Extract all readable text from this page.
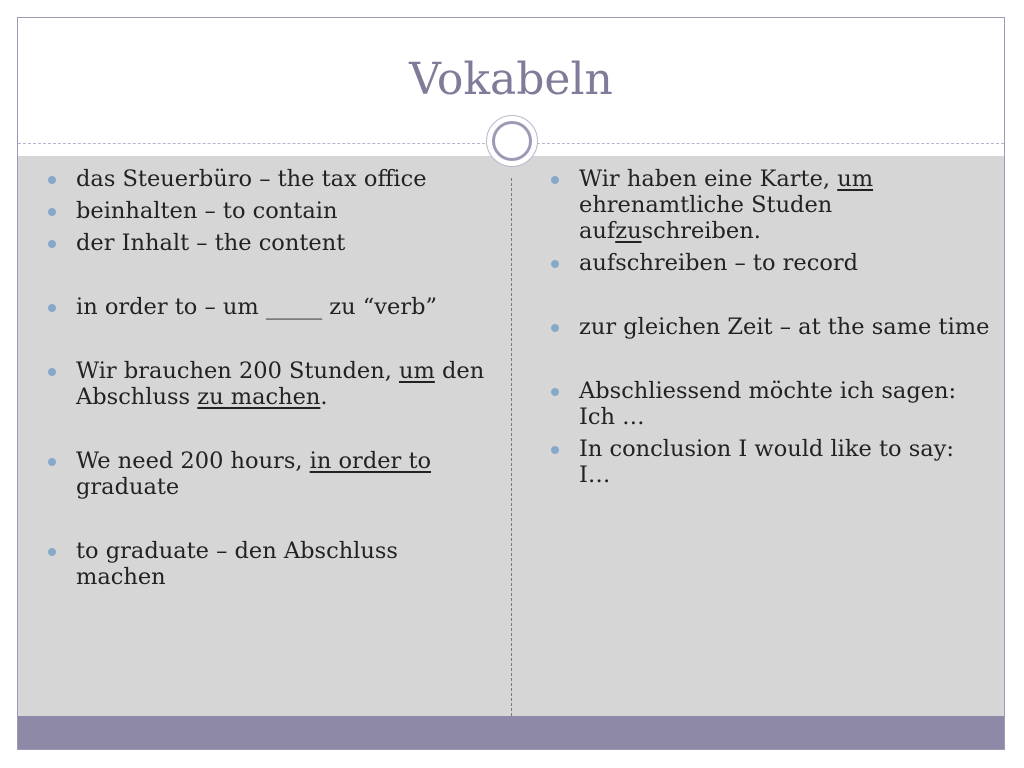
Vokabeln
das Steuerbüro – the tax office
beinhalten – to contain
der Inhalt – the content
in order to – um _____ zu “verb”
Wir brauchen 200 Stunden, um den Abschluss zu machen.
We need 200 hours, in order to graduate
to graduate – den Abschluss machen
Wir haben eine Karte, um ehrenamtliche Studen aufzuschreiben.
aufschreiben – to record
zur gleichen Zeit – at the same time
Abschliessend möchte ich sagen: Ich …
In conclusion I would like to say: I…
